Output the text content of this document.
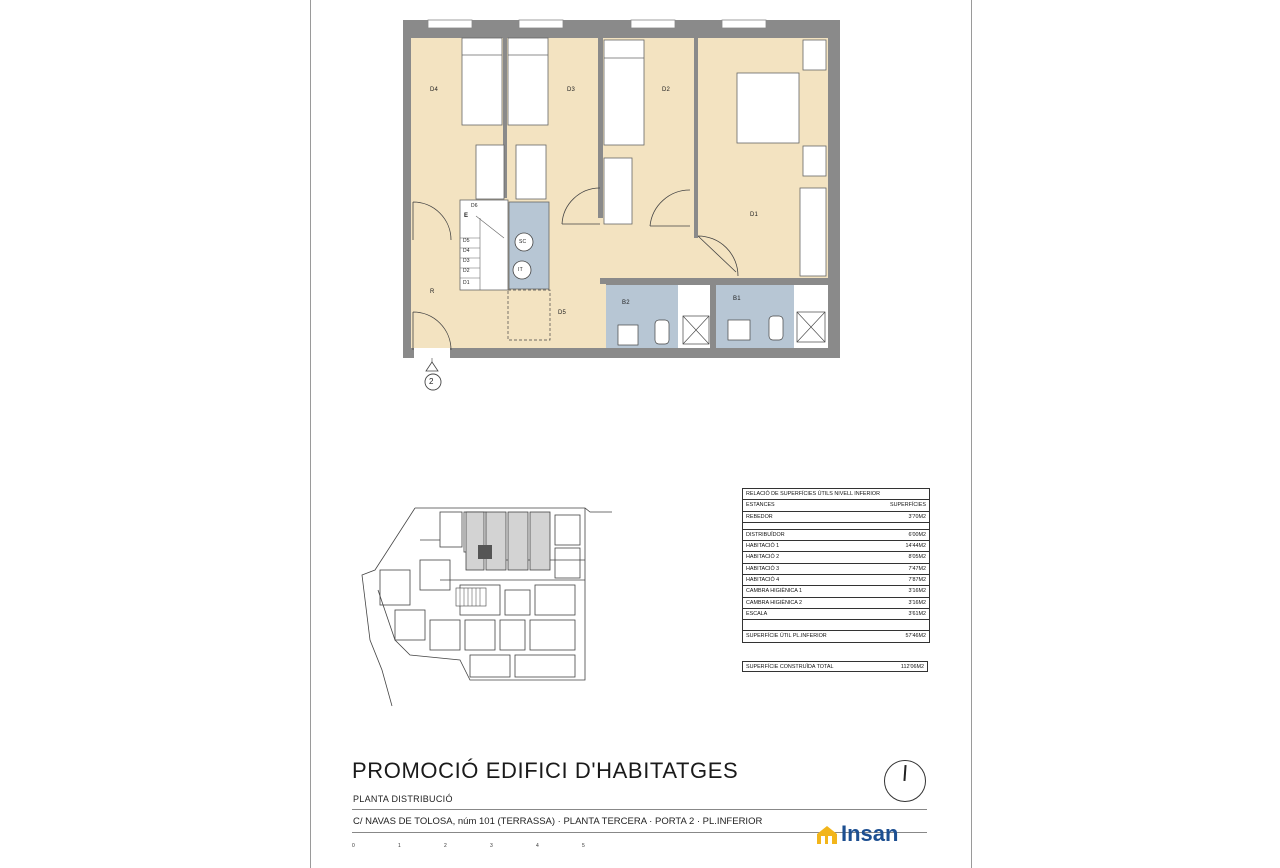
D4	D3	D2
D1
R
D5
B2
B1
SC
IT
2
D6
E
D5
D4
D3
D2
D1
RELACIÓ DE SUPERFÍCIES ÚTILS NIVELL INFERIOR
ESTANCES	SUPERFÍCIES
REBEDOR	3'70M2
DISTRIBUÏDOR	6'00M2
HABITACIÓ 1	14'44M2
HABITACIÓ 2	8'05M2
HABITACIÓ 3	7'47M2
HABITACIÓ 4	7'87M2
CAMBRA HIGIÈNICA 1	3'16M2
CAMBRA HIGIÈNICA 2	3'16M2
ESCALA	3'61M2
SUPERFÍCIE ÚTIL PL.INFERIOR	57'46M2
SUPERFÍCIE CONSTRUÏDA TOTAL	112'06M2
PROMOCIÓ EDIFICI D'HABITATGES
PLANTA DISTRIBUCIÓ
C/ NAVAS DE TOLOSA, núm 101 (TERRASSA) · PLANTA TERCERA · PORTA 2 · PL.INFERIOR	Insan
0	1	2	3	4	5
